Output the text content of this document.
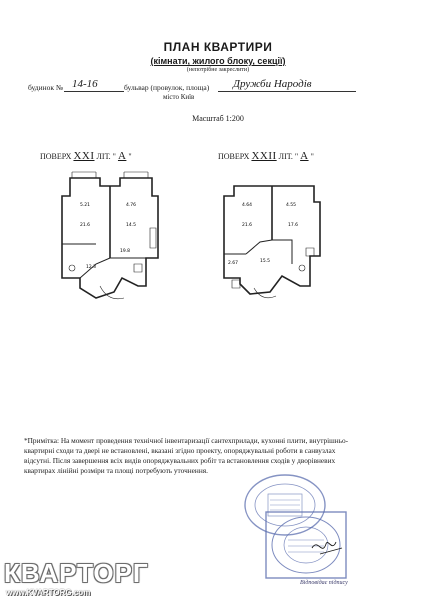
ПЛАН КВАРТИРИ
(кімнати, жилого блоку, секції)
(непотрібне закреслити)
будинок № 14-16	бульвар (провулок, площа) Дружби Народів
місто Київ
Масштаб 1:200
ПОВЕРХ XXI ЛІТ. " А "	ПОВЕРХ XXII ЛІТ. " А "
5.21	4.76
21.6	14.5
12.3
19.8
4.64	4.55
21.6	17.6
15.5
2.67
*Примітка: На момент проведення технічної інвентаризації сантехприлади, кухонні плити, внутрішньо-квартирні сходи та двері не встановлені, вказані згідно проекту, опоряджувальні роботи в санвузлах відсутні. Після завершення всіх видів опоряджувальних робіт та встановлення сходів у дворівневих квартирах лінійні розміри та площі потребують уточнення.
Відповідає підпису
КВАРТОРГ
www.KVARTORG.com
